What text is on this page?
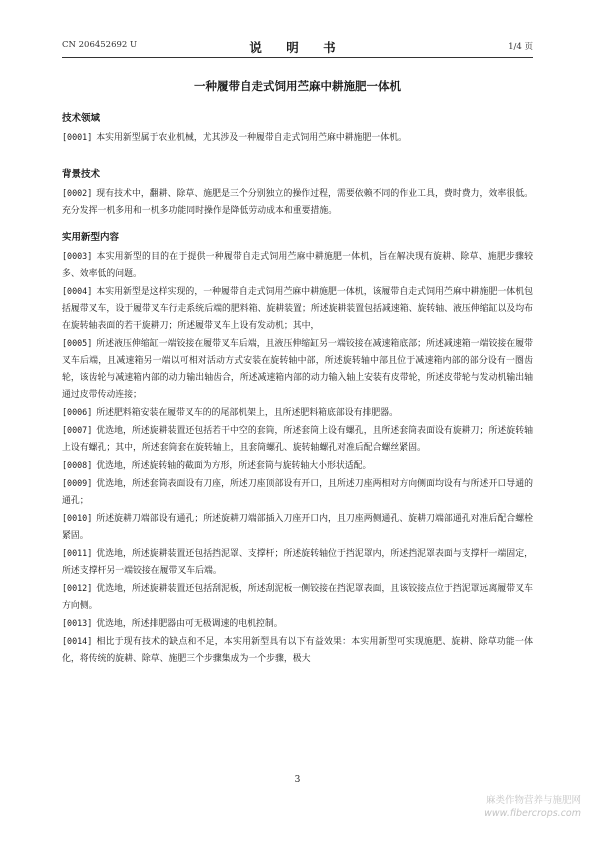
CN 206452692 U	说 明 书	1/4 页
一种履带自走式饲用苎麻中耕施肥一体机
技术领域

[0001] 本实用新型属于农业机械，尤其涉及一种履带自走式饲用苎麻中耕施肥一体机。

背景技术

[0002] 现有技术中，翻耕、除草、施肥是三个分别独立的操作过程，需要依赖不同的作业工具，费时费力，效率很低。充分发挥一机多用和一机多功能同时操作是降低劳动成本和重要措施。

实用新型内容

[0003] 本实用新型的目的在于提供一种履带自走式饲用苎麻中耕施肥一体机，旨在解决现有旋耕、除草、施肥步骤较多、效率低的问题。

[0004] 本实用新型是这样实现的，一种履带自走式饲用苎麻中耕施肥一体机，该履带自走式饲用苎麻中耕施肥一体机包括履带叉车，设于履带叉车行走系统后端的肥料箱、旋耕装置；所述旋耕装置包括减速箱、旋转轴、液压伸缩缸以及均布在旋转轴表面的若干旋耕刀；所述履带叉车上设有发动机；其中，

[0005] 所述液压伸缩缸一端铰接在履带叉车后端，且液压伸缩缸另一端铰接在减速箱底部；所述减速箱一端铰接在履带叉车后端，且减速箱另一端以可相对活动方式安装在旋转轴中部，所述旋转轴中部且位于减速箱内部的部分设有一圈齿轮，该齿轮与减速箱内部的动力输出轴齿合，所述减速箱内部的动力输入轴上安装有皮带轮，所述皮带轮与发动机输出轴通过皮带传动连接；

[0006] 所述肥料箱安装在履带叉车的的尾部机架上，且所述肥料箱底部设有排肥器。

[0007] 优选地，所述旋耕装置还包括若干中空的套筒，所述套筒上设有螺孔，且所述套筒表面设有旋耕刀；所述旋转轴上设有螺孔；其中，所述套筒套在旋转轴上，且套筒螺孔、旋转轴螺孔对准后配合螺丝紧固。

[0008] 优选地，所述旋转轴的截面为方形，所述套筒与旋转轴大小形状适配。

[0009] 优选地，所述套筒表面设有刀座，所述刀座顶部设有开口，且所述刀座两相对方向侧面均设有与所述开口导通的通孔；

[0010] 所述旋耕刀端部设有通孔；所述旋耕刀端部插入刀座开口内，且刀座两侧通孔、旋耕刀端部通孔对准后配合螺栓紧固。

[0011] 优选地，所述旋耕装置还包括挡泥罩、支撑杆；所述旋转轴位于挡泥罩内，所述挡泥罩表面与支撑杆一端固定，所述支撑杆另一端铰接在履带叉车后端。

[0012] 优选地，所述旋耕装置还包括刮泥板，所述刮泥板一侧铰接在挡泥罩表面，且该铰接点位于挡泥罩远离履带叉车方向侧。

[0013] 优选地，所述排肥器由可无极调速的电机控制。

[0014] 相比于现有技术的缺点和不足，本实用新型具有以下有益效果：本实用新型可实现施肥、旋耕、除草功能一体化，将传统的旋耕、除草、施肥三个步骤集成为一个步骤，极大

3
麻类作物营养与施肥网
www.fibercrops.com
